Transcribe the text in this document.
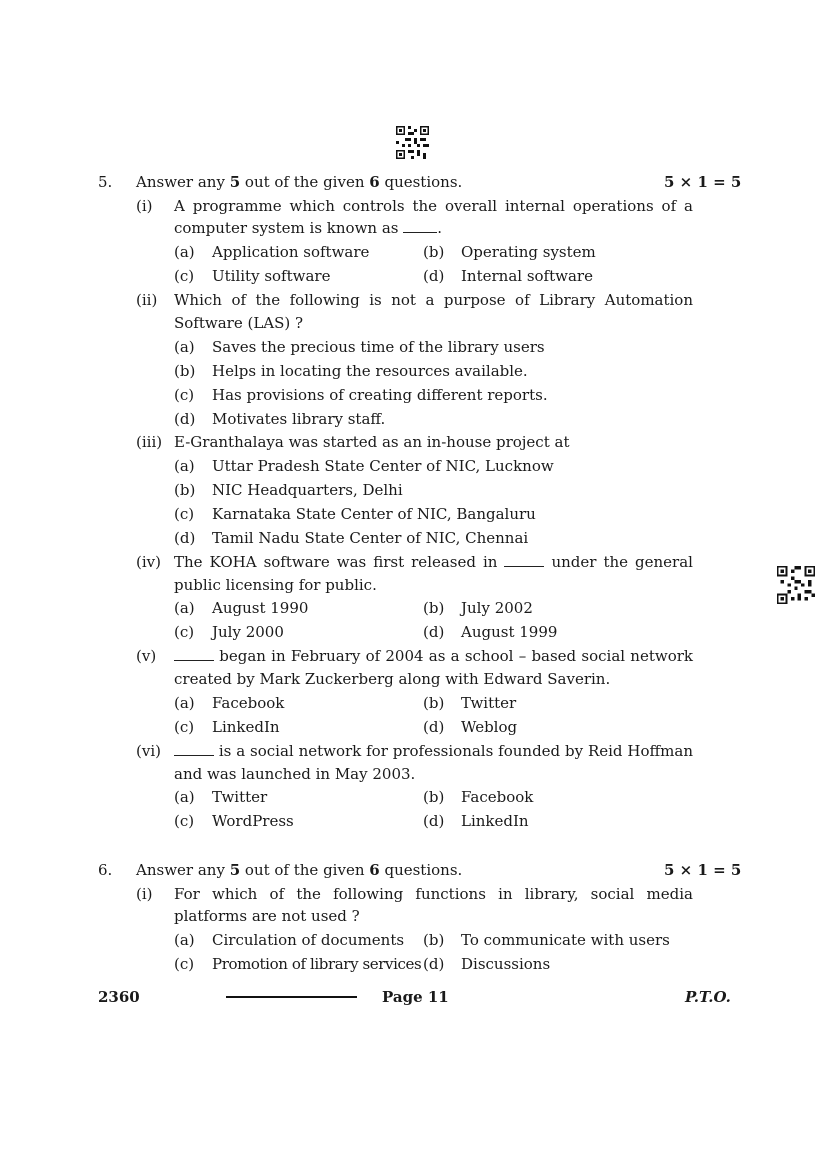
5. Answer any 5 out of the given 6 questions.	5 × 1 = 5
(i) A programme which controls the overall internal operations of a
computer system is known as .
(a) Application software	(b) Operating system
(c) Utility software	(d) Internal software
(ii) Which of the following is not a purpose of Library Automation
Software (LAS) ?
(a) Saves the precious time of the library users
(b) Helps in locating the resources available.
(c) Has provisions of creating different reports.
(d) Motivates library staff.
(iii) E-Granthalaya was started as an in-house project at
(a) Uttar Pradesh State Center of NIC, Lucknow
(b) NIC Headquarters, Delhi
(c) Karnataka State Center of NIC, Bangaluru
(d) Tamil Nadu State Center of NIC, Chennai
(iv) The KOHA software was first released in	under the general
public licensing for public.
(a) August 1990	(b) July 2002
(c) July 2000	(d) August 1999
(v)	began in February of 2004 as a school – based social network
created by Mark Zuckerberg along with Edward Saverin.
(a) Facebook	(b) Twitter
(c) LinkedIn	(d) Weblog
(vi)	is a social network for professionals founded by Reid Hoffman
and was launched in May 2003.
(a) Twitter	(b) Facebook
(c) WordPress	(d) LinkedIn
6. Answer any 5 out of the given 6 questions.	5 × 1 = 5
(i) For which of the following functions in library, social media
platforms are not used ?
(a) Circulation of documents (b) To communicate with users
(c) Promotion of library services (d) Discussions
2360	Page 11	P.T.O.
